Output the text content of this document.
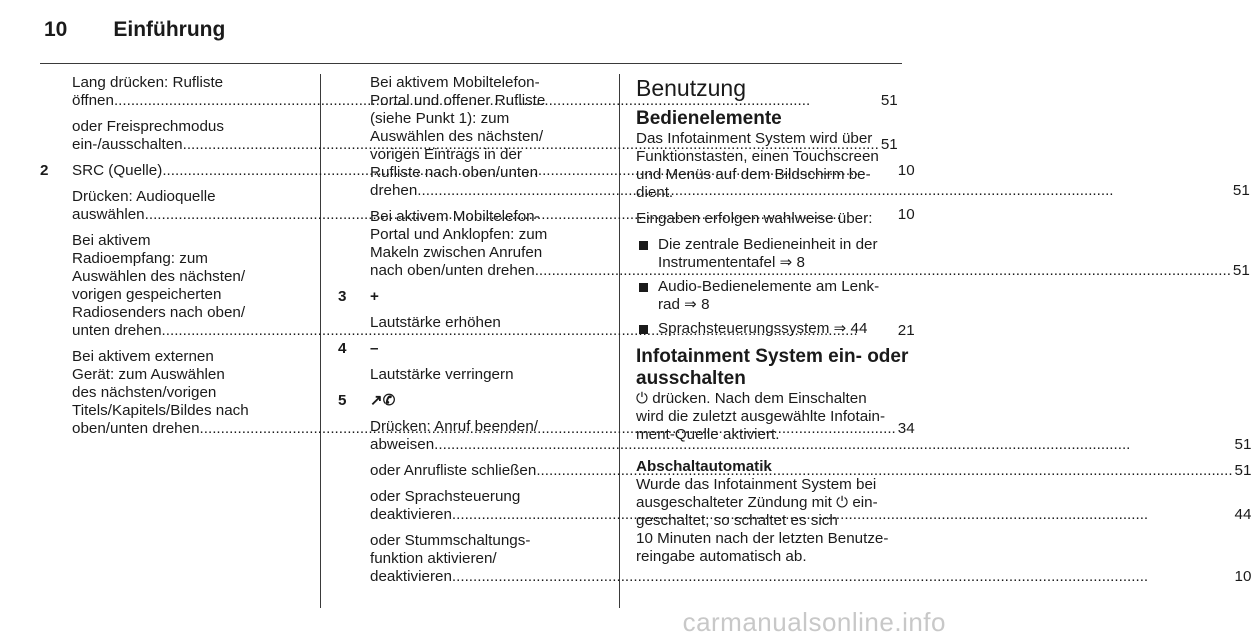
10 Einführung
Lang drücken: Rufliste
öffnen .....	51
oder Freisprechmodus
ein-/ausschalten .....	51
2	SRC (Quelle) .....	10
Drücken: Audioquelle
auswählen .....	10
Bei aktivem
Radioempfang: zum
Auswählen des nächsten/
vorigen gespeicherten
Radiosenders nach oben/
unten drehen .....	21
Bei aktivem externen
Gerät: zum Auswählen
des nächsten/vorigen
Titels/Kapitels/Bildes nach
oben/unten drehen .....	34
Bei aktivem Mobiltelefon-
Portal und offener Rufliste
(siehe Punkt 1): zum
Auswählen des nächsten/
vorigen Eintrags in der
Rufliste nach oben/unten
drehen .....	51
Bei aktivem Mobiltelefon-
Portal und Anklopfen: zum
Makeln zwischen Anrufen
nach oben/unten drehen .....	51
3	+
Lautstärke erhöhen
4	–
Lautstärke verringern
5	↗✆
Drücken: Anruf beenden/
abweisen .....	51
oder Anrufliste schließen .....	51
oder Sprachsteuerung
deaktivieren .....	44
oder Stummschaltungs-
funktion aktivieren/
deaktivieren .....	10
Benutzung
Bedienelemente
Das Infotainment System wird über
Funktionstasten, einen Touchscreen
und Menüs auf dem Bildschirm be-
dient.
Eingaben erfolgen wahlweise über:
Die zentrale Bedieneinheit in der
Instrumententafel ⇒ 8
Audio-Bedienelemente am Lenk-
rad ⇒ 8
Sprachsteuerungssystem ⇒ 44
Infotainment System ein- oder
ausschalten
⏻ drücken. Nach dem Einschalten
wird die zuletzt ausgewählte Infotain-
ment-Quelle aktiviert.
Abschaltautomatik
Wurde das Infotainment System bei
ausgeschalteter Zündung mit ⏻ ein-
geschaltet, so schaltet es sich
10 Minuten nach der letzten Benutze-
reingabe automatisch ab.
carmanualsonline.info
